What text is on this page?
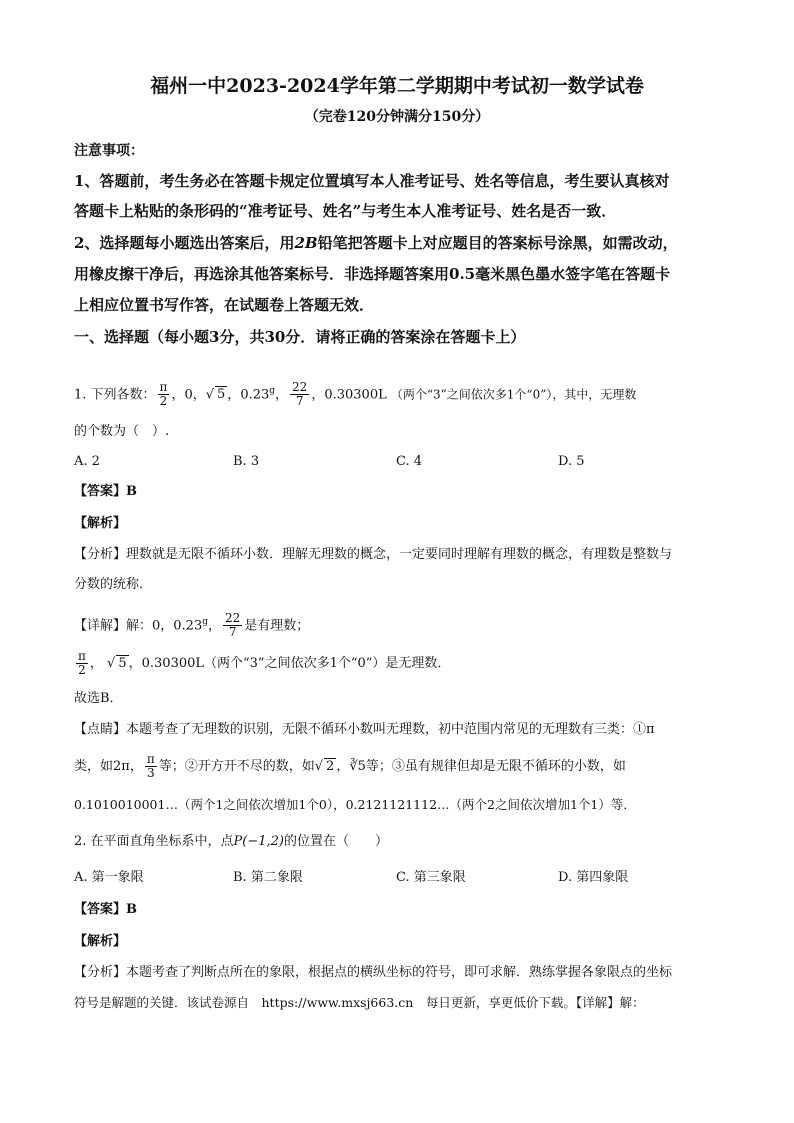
福州一中2023-2024学年第二学期期中考试初一数学试卷
（完卷120分钟满分150分）
注意事项：
1、答题前，考生务必在答题卡规定位置填写本人准考证号、姓名等信息，考生要认真核对
答题卡上粘贴的条形码的“准考证号、姓名”与考生本人准考证号、姓名是否一致．
2、选择题每小题选出答案后，用2B铅笔把答题卡上对应题目的答案标号涂黑，如需改动，
用橡皮擦干净后，再选涂其他答案标号．非选择题答案用0.5毫米黑色墨水签字笔在答题卡
上相应位置书写作答，在试题卷上答题无效．
一、选择题（每小题3分，共30分．请将正确的答案涂在答题卡上）
1. 下列各数： $\frac{\pi}{2}$ ，0，√ 5 ，0.23$^g$， $\frac{22}{7}$ ，0.30300L （两个“3”之间依次多1个“0”），其中，无理数
的个数为（　）.
A. 2	B. 3	C. 4	D. 5
【答案】B
【解析】
【分析】理数就是无限不循环小数．理解无理数的概念，一定要同时理解有理数的概念，有理数是整数与
分数的统称．
【详解】解：0，0.23$^g$， $\frac{22}{7}$ 是有理数；
$\frac{\pi}{2}$ ， √ 5 ，0.30300L（两个“3”之间依次多1个“0”）是无理数．
故选B．
【点睛】本题考查了无理数的识别，无限不循环小数叫无理数，初中范围内常见的无理数有三类：①π
类，如2π， $\frac{\pi}{3}$ 等；②开方开不尽的数，如√ 2 ，∛5等；③虽有规律但却是无限不循环的小数，如
0.1010010001…（两个1之间依次增加1个0），0.2121121112…（两个2之间依次增加1个1）等．
2. 在平面直角坐标系中，点P(−1,2)的位置在（　　）
A. 第一象限	B. 第二象限	C. 第三象限	D. 第四象限
【答案】B
【解析】
【分析】本题考查了判断点所在的象限，根据点的横纵坐标的符号，即可求解．熟练掌握各象限点的坐标
符号是解题的关键．该试卷源自　https://www.mxsj663.cn　每日更新，享更低价下载。【详解】解：
